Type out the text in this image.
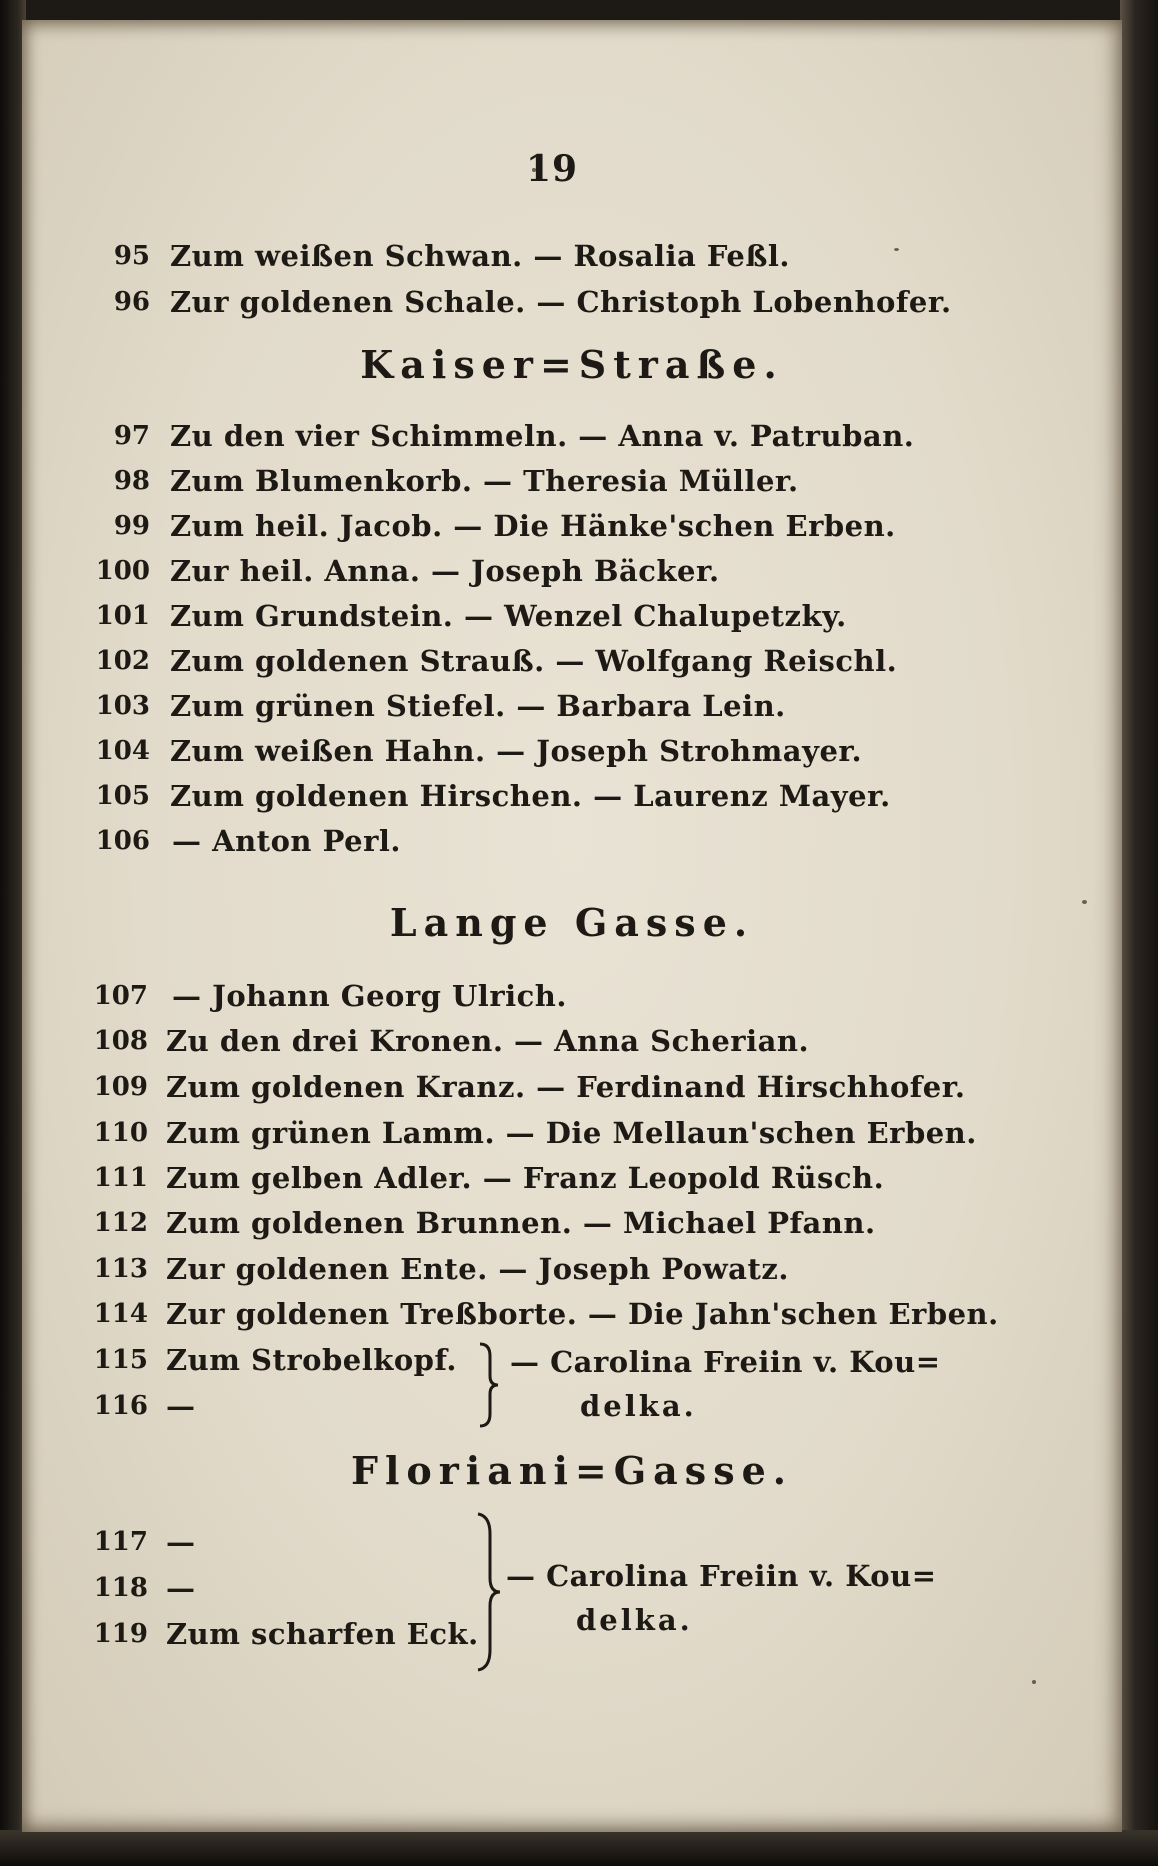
19
95 Zum weißen Schwan. — Rosalia Feßl.
96 Zur goldenen Schale. — Christoph Lobenhofer.
Kaiser=Straße.
97 Zu den vier Schimmeln. — Anna v. Patruban.
98 Zum Blumenkorb. — Theresia Müller.
99 Zum heil. Jacob. — Die Hänke'schen Erben.
100 Zur heil. Anna. — Joseph Bäcker.
101 Zum Grundstein. — Wenzel Chalupetzky.
102 Zum goldenen Strauß. — Wolfgang Reischl.
103 Zum grünen Stiefel. — Barbara Lein.
104 Zum weißen Hahn. — Joseph Strohmayer.
105 Zum goldenen Hirschen. — Laurenz Mayer.
106 — Anton Perl.
Lange Gasse.
107 — Johann Georg Ulrich.
108 Zu den drei Kronen. — Anna Scherian.
109 Zum goldenen Kranz. — Ferdinand Hirschhofer.
110 Zum grünen Lamm. — Die Mellaun'schen Erben.
111 Zum gelben Adler. — Franz Leopold Rüsch.
112 Zum goldenen Brunnen. — Michael Pfann.
113 Zur goldenen Ente. — Joseph Powatz.
114 Zur goldenen Treßborte. — Die Jahn'schen Erben.
115 Zum Strobelkopf.
116 —
— Carolina Freiin v. Kou=
delka.
Floriani=Gasse.
117 —
118 —
119 Zum scharfen Eck.
— Carolina Freiin v. Kou=
delka.
